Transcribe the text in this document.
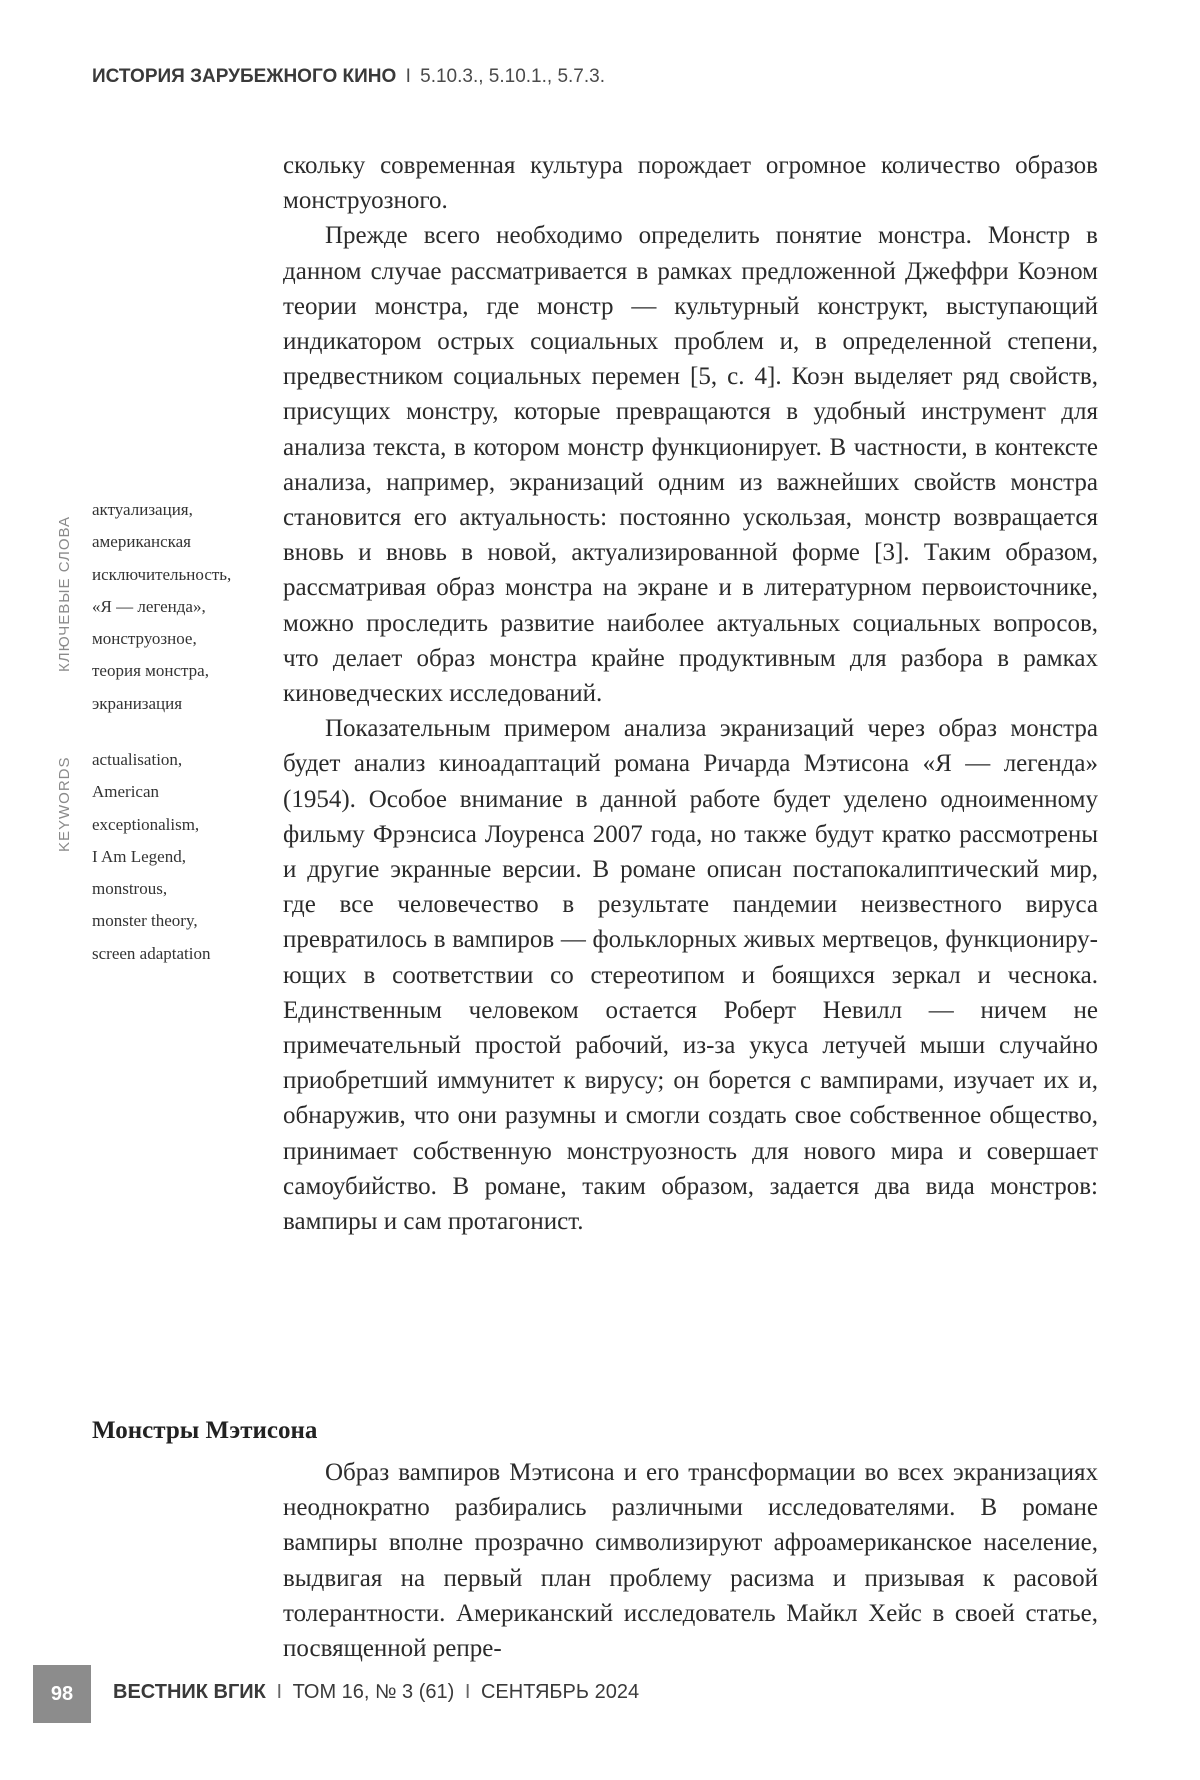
ИСТОРИЯ ЗАРУБЕЖНОГО КИНО I 5.10.3., 5.10.1., 5.7.3.

скольку современная культура порождает огромное количество образов монструозного.

Прежде всего необходимо определить понятие монстра. Монстр в данном случае рассматривается в рамках предложен­ной Джеффри Коэном теории монстра, где монстр — культур­ный конструкт, выступающий индикатором острых социальных проблем и, в определенной степени, предвестником социальных перемен [5, с. 4]. Коэн выделяет ряд свойств, присущих монстру, которые превращаются в удобный инструмент для анализа тек­ста, в котором монстр функционирует. В частности, в контексте анализа, например, экранизаций одним из важнейших свойств монстра становится его актуальность: постоянно ускользая, монстр возвращается вновь и вновь в новой, актуализирован­ной форме [3]. Таким образом, рассматривая образ монстра на экране и в литературном первоисточнике, можно проследить развитие наиболее актуальных социальных вопросов, что дела­ет образ монстра крайне продуктивным для разбора в рамках киноведческих исследований.

Показательным примером анализа экранизаций через образ монстра будет анализ киноадаптаций романа Ричарда Мэтисона «Я — легенда» (1954). Особое внимание в данной работе будет уделено одноименному фильму Фрэнсиса Лоуренса 2007 года, но также будут кратко рассмотрены и другие экранные версии. В романе описан постапокалиптический мир, где все человече­ство в результате пандемии неизвестного вируса превратилось в вампиров — фольклорных живых мертвецов, функциониру­ющих в соответствии со стереотипом и боящихся зеркал и чес­нока. Единственным человеком остается Роберт Невилл — ни­чем не примечательный простой рабочий, из-за укуса летучей мыши случайно приобретший иммунитет к вирусу; он борется с вампирами, изучает их и, обнаружив, что они разумны и смог­ли создать свое собственное общество, принимает собственную монструозность для нового мира и совершает самоубийство. В романе, таким образом, задается два вида монстров: вампиры и сам протагонист.

КЛЮЧЕВЫЕ СЛОВА
актуализация,
американская
исключительность,
«Я — легенда»,
монструозное,
теория монстра,
экранизация
KEYWORDS actualisation,
American
exceptionalism,
I Am Legend,
monstrous,
monster theory,
screen adaptation
Монстры Мэтисона

Образ вампиров Мэтисона и его трансформации во всех экранизациях неоднократно разбирались различными исследо­вателями. В романе вампиры вполне прозрачно символизируют афроамериканское население, выдвигая на первый план пробле­му расизма и призывая к расовой толерантности. Американский исследователь Майкл Хейс в своей статье, посвященной репре-

98	ВЕСТНИК ВГИК I ТОМ 16, № 3 (61) I СЕНТЯБРЬ 2024
